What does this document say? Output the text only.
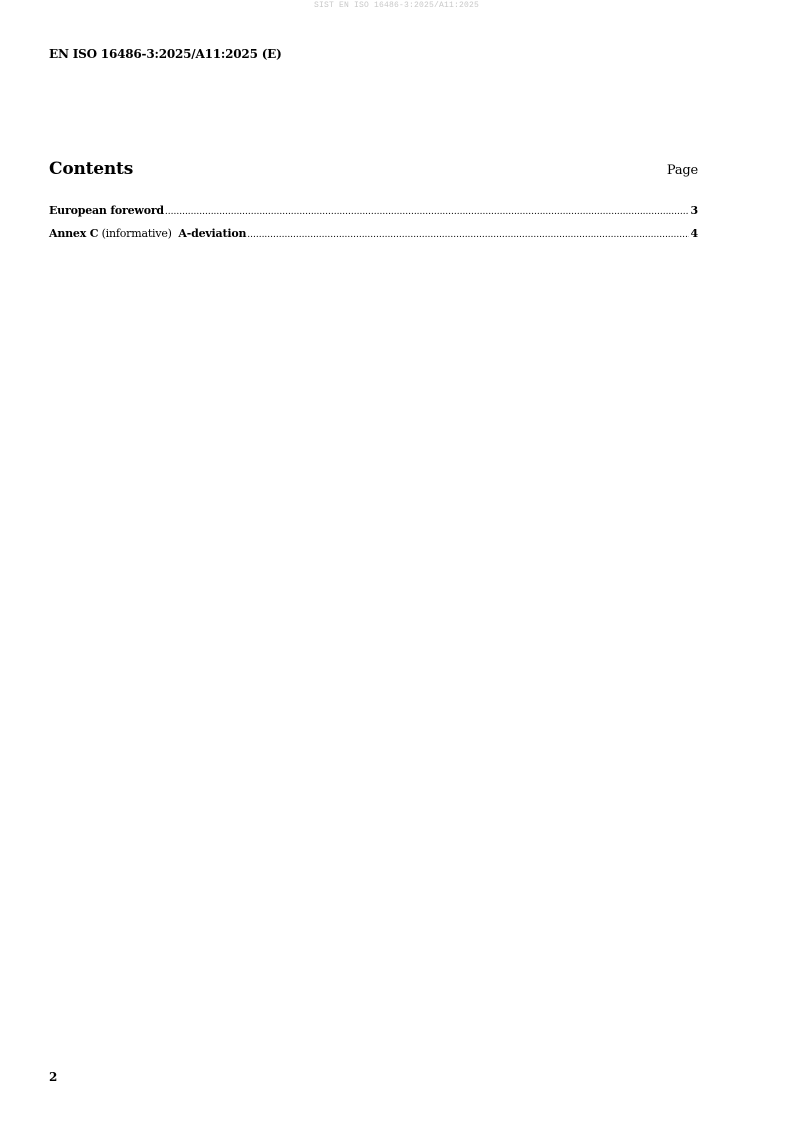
SIST EN ISO 16486-3:2025/A11:2025
EN ISO 16486-3:2025/A11:2025 (E)
Contents	Page
European foreword .....	3
Annex C (informative)  A-deviation .....	4
2
